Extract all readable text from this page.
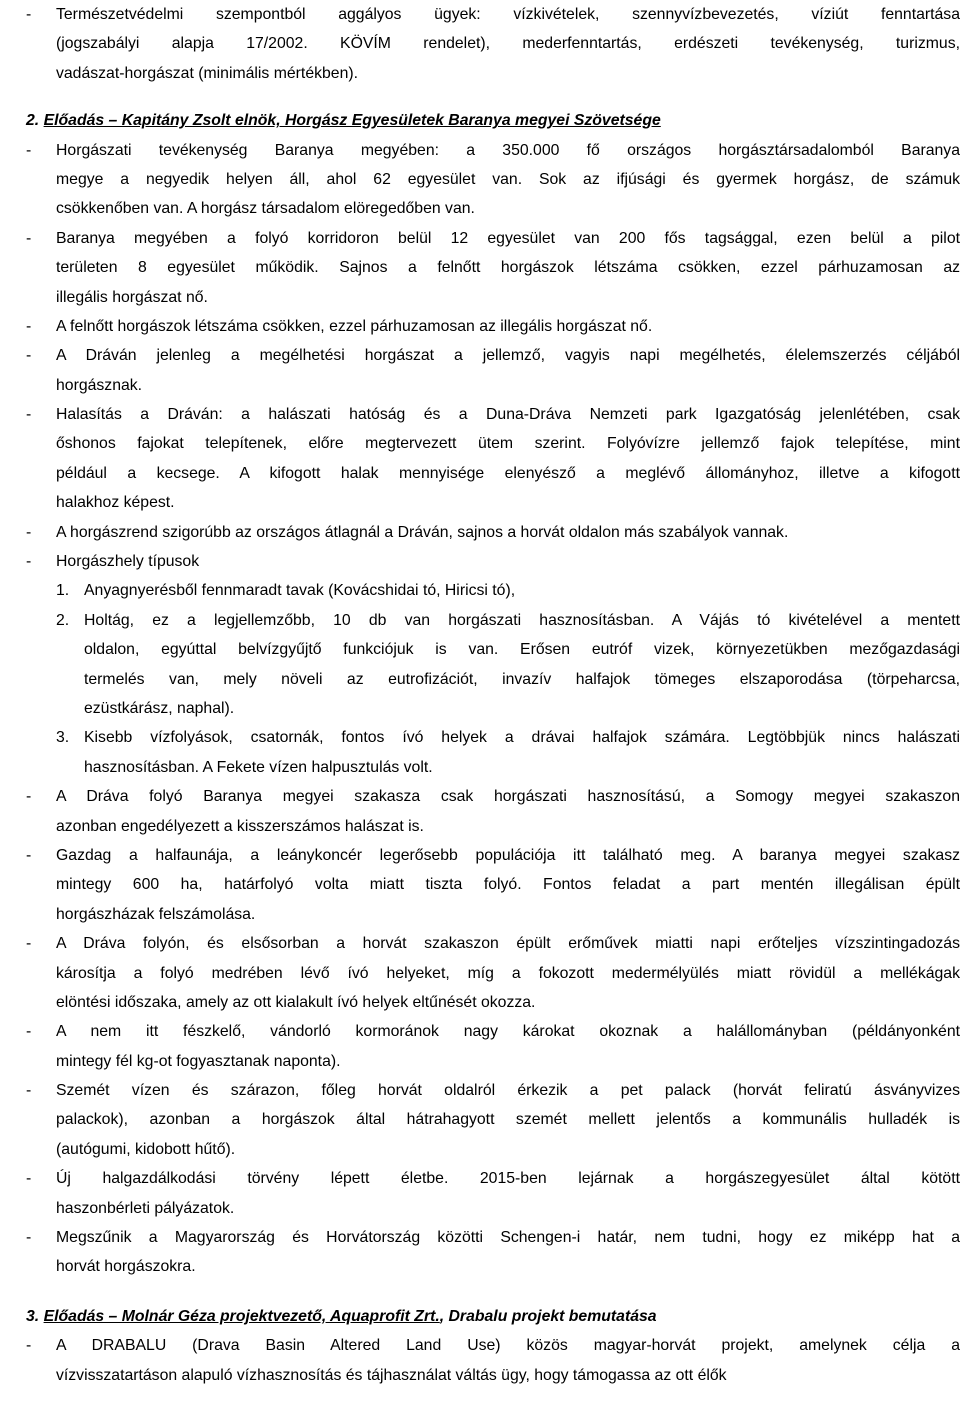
-	Természetvédelmi szempontból aggályos ügyek: vízkivételek, szennyvízbevezetés, víziút fenntartása
(jogszabályi alapja 17/2002. KÖVÍM rendelet), mederfenntartás, erdészeti tevékenység, turizmus,
vadászat-horgászat (minimális mértékben).
2. Előadás – Kapitány Zsolt elnök, Horgász Egyesületek Baranya megyei Szövetsége
-	Horgászati tevékenység Baranya megyében: a 350.000 fő országos horgásztársadalomból Baranya
megye a negyedik helyen áll, ahol 62 egyesület van. Sok az ifjúsági és gyermek horgász, de számuk
csökkenőben van. A horgász társadalom elöregedőben van.
-	Baranya megyében a folyó korridoron belül 12 egyesület van 200 fős tagsággal, ezen belül a pilot
területen 8 egyesület működik. Sajnos a felnőtt horgászok létszáma csökken, ezzel párhuzamosan az
illegális horgászat nő.
-	A felnőtt horgászok létszáma csökken, ezzel párhuzamosan az illegális horgászat nő.
-	A Dráván jelenleg a megélhetési horgászat a jellemző, vagyis napi megélhetés, élelemszerzés céljából
horgásznak.
-	Halasítás a Dráván: a halászati hatóság és a Duna-Dráva Nemzeti park Igazgatóság jelenlétében, csak
őshonos fajokat telepítenek, előre megtervezett ütem szerint. Folyóvízre jellemző fajok telepítése, mint
például a kecsege. A kifogott halak mennyisége elenyésző a meglévő állományhoz, illetve a kifogott
halakhoz képest.
-	A horgászrend szigorúbb az országos átlagnál a Dráván, sajnos a horvát oldalon más szabályok vannak.
-	Horgászhely típusok
1. Anyagnyerésből fennmaradt tavak (Kovácshidai tó, Hiricsi tó),
2. Holtág, ez a legjellemzőbb, 10 db van horgászati hasznosításban. A Vájás tó kivételével a mentett
oldalon, egyúttal belvízgyűjtő funkciójuk is van. Erősen eutróf vizek, környezetükben mezőgazdasági
termelés van, mely növeli az eutrofizációt, invazív halfajok tömeges elszaporodása (törpeharcsa,
ezüstkárász, naphal).
3. Kisebb vízfolyások, csatornák, fontos ívó helyek a drávai halfajok számára. Legtöbbjük nincs halászati
hasznosításban. A Fekete vízen halpusztulás volt.
-	A Dráva folyó Baranya megyei szakasza csak horgászati hasznosítású, a Somogy megyei szakaszon
azonban engedélyezett a kisszerszámos halászat is.
-	Gazdag a halfaunája, a leánykoncér legerősebb populációja itt található meg. A baranya megyei szakasz
mintegy 600 ha, határfolyó volta miatt tiszta folyó. Fontos feladat a part mentén illegálisan épült
horgászházak felszámolása.
-	A Dráva folyón, és elsősorban a horvát szakaszon épült erőművek miatti napi erőteljes vízszintingadozás
károsítja a folyó medrében lévő ívó helyeket, míg a fokozott medermélyülés miatt rövidül a mellékágak
elöntési időszaka, amely az ott kialakult ívó helyek eltűnését okozza.
-	A nem itt fészkelő, vándorló kormoránok nagy károkat okoznak a halállományban (példányonként
mintegy fél kg-ot fogyasztanak naponta).
-	Szemét vízen és szárazon, főleg horvát oldalról érkezik a pet palack (horvát feliratú ásványvizes
palackok), azonban a horgászok által hátrahagyott szemét mellett jelentős a kommunális hulladék is
(autógumi, kidobott hűtő).
-	Új halgazdálkodási törvény lépett életbe. 2015-ben lejárnak a horgászegyesület által kötött
haszonbérleti pályázatok.
-	Megszűnik a Magyarország és Horvátország közötti Schengen-i határ, nem tudni, hogy ez miképp hat a
horvát horgászokra.
3. Előadás – Molnár Géza projektvezető, Aquaprofit Zrt., Drabalu projekt bemutatása
-	A DRABALU (Drava Basin Altered Land Use) közös magyar-horvát projekt, amelynek célja a
vízvisszatartáson alapuló vízhasznosítás és tájhasználat váltás ügy, hogy támogassa az ott élők
